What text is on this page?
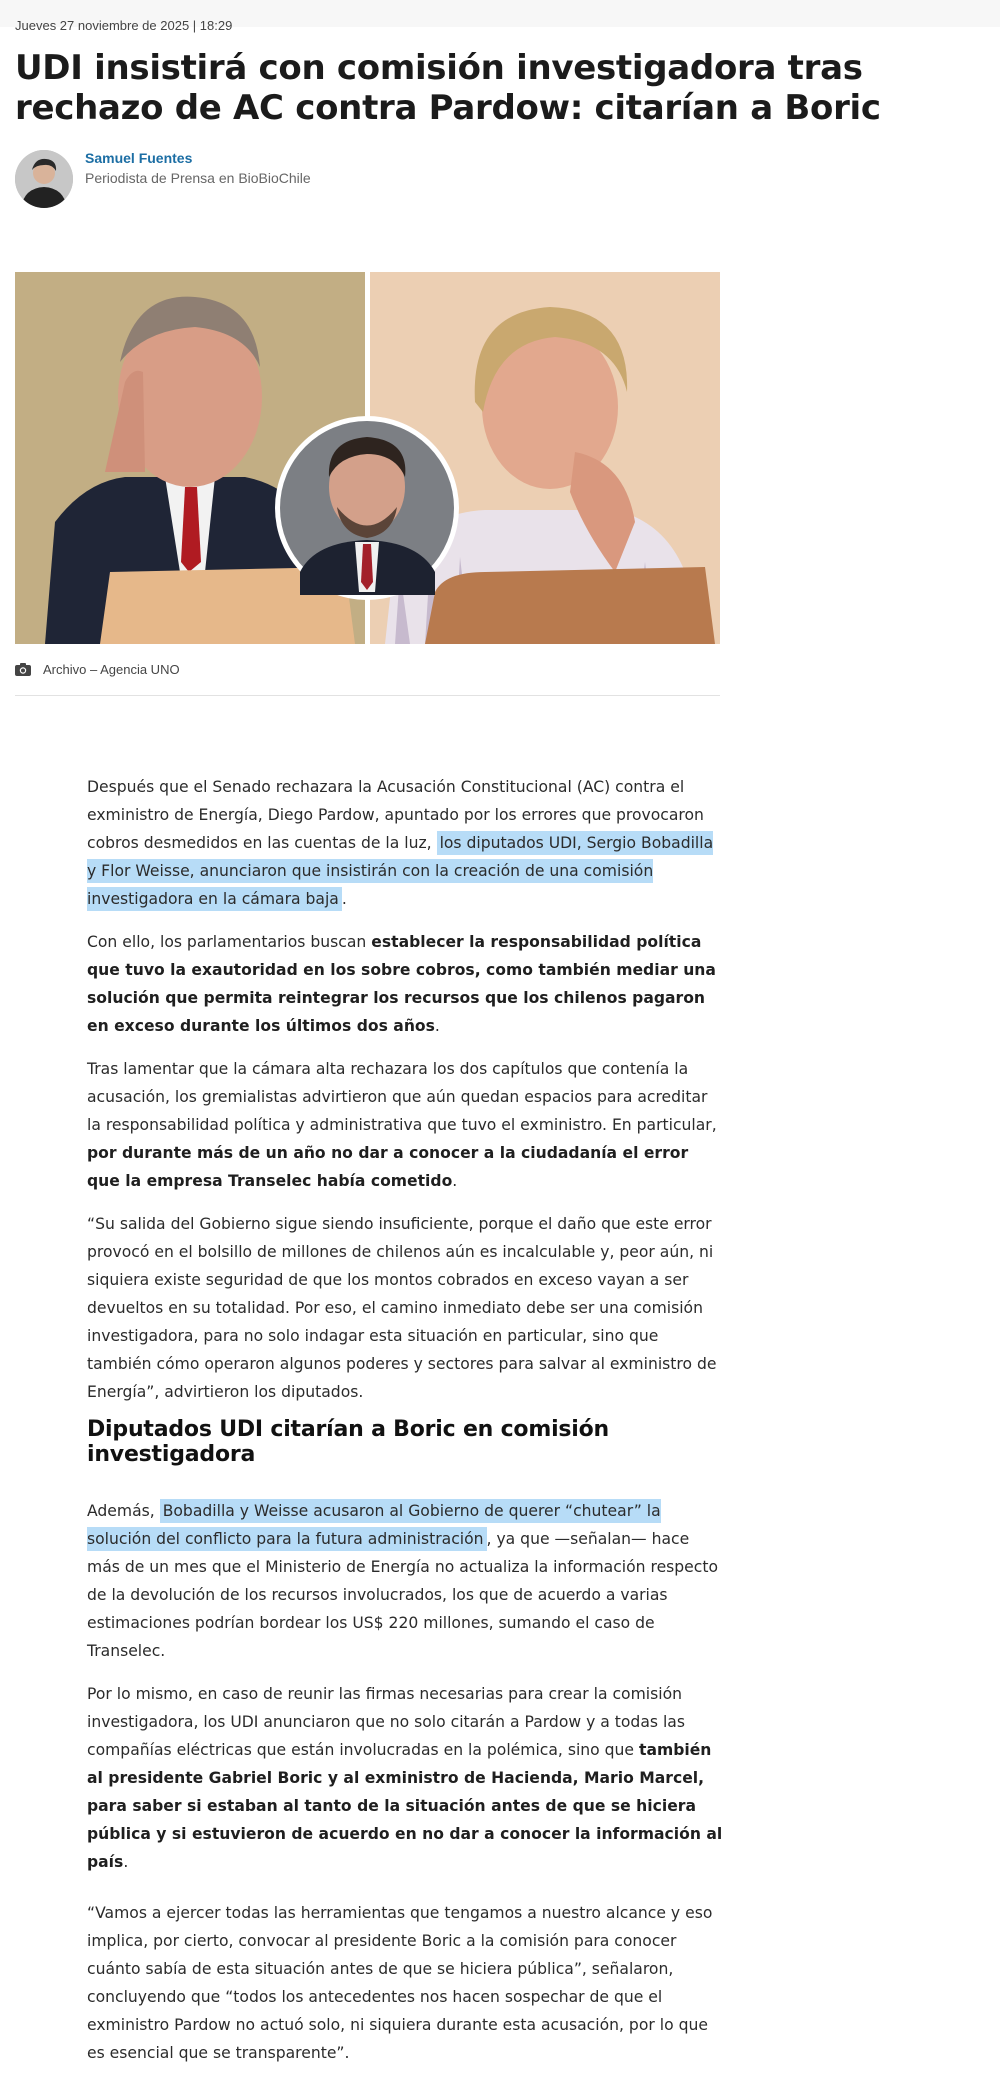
Jueves 27 noviembre de 2025 | 18:29
UDI insistirá con comisión investigadora tras rechazo de AC contra Pardow: citarían a Boric
Samuel Fuentes
Periodista de Prensa en BioBioChile
Archivo – Agencia UNO

Después que el Senado rechazara la Acusación Constitucional (AC) contra el exministro de Energía, Diego Pardow, apuntado por los errores que provocaron cobros desmedidos en las cuentas de la luz, los diputados UDI, Sergio Bobadilla y Flor Weisse, anunciaron que insistirán con la creación de una comisión investigadora en la cámara baja .

Con ello, los parlamentarios buscan establecer la responsabilidad política que tuvo la exautoridad en los sobre cobros, como también mediar una solución que permita reintegrar los recursos que los chilenos pagaron en exceso durante los últimos dos años.

Tras lamentar que la cámara alta rechazara los dos capítulos que contenía la acusación, los gremialistas advirtieron que aún quedan espacios para acreditar la responsabilidad política y administrativa que tuvo el exministro. En particular, por durante más de un año no dar a conocer a la ciudadanía el error que la empresa Transelec había cometido.

“Su salida del Gobierno sigue siendo insuficiente, porque el daño que este error provocó en el bolsillo de millones de chilenos aún es incalculable y, peor aún, ni siquiera existe seguridad de que los montos cobrados en exceso vayan a ser devueltos en su totalidad. Por eso, el camino inmediato debe ser una comisión investigadora, para no solo indagar esta situación en particular, sino que también cómo operaron algunos poderes y sectores para salvar al exministro de Energía”, advirtieron los diputados.

Diputados UDI citarían a Boric en comisión investigadora

Además, Bobadilla y Weisse acusaron al Gobierno de querer “chutear” la solución del conflicto para la futura administración , ya que —señalan— hace más de un mes que el Ministerio de Energía no actualiza la información respecto de la devolución de los recursos involucrados, los que de acuerdo a varias estimaciones podrían bordear los US$ 220 millones, sumando el caso de Transelec.

Por lo mismo, en caso de reunir las firmas necesarias para crear la comisión investigadora, los UDI anunciaron que no solo citarán a Pardow y a todas las compañías eléctricas que están involucradas en la polémica, sino que también al presidente Gabriel Boric y al exministro de Hacienda, Mario Marcel, para saber si estaban al tanto de la situación antes de que se hiciera pública y si estuvieron de acuerdo en no dar a conocer la información al país.

“Vamos a ejercer todas las herramientas que tengamos a nuestro alcance y eso implica, por cierto, convocar al presidente Boric a la comisión para conocer cuánto sabía de esta situación antes de que se hiciera pública”, señalaron, concluyendo que “todos los antecedentes nos hacen sospechar de que el exministro Pardow no actuó solo, ni siquiera durante esta acusación, por lo que es esencial que se transparente”.
